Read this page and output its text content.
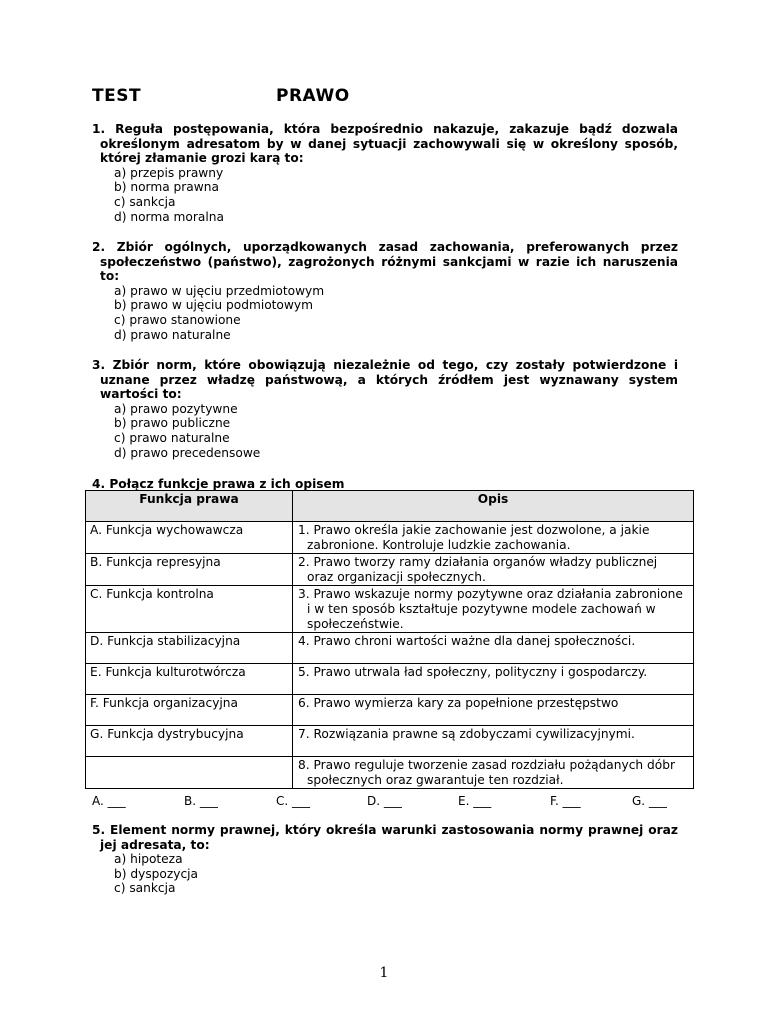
TEST	PRAWO
1. Reguła postępowania, która bezpośrednio nakazuje, zakazuje bądź dozwala określonym adresatom by w danej sytuacji zachowywali się w określony sposób, której złamanie grozi karą to:
a) przepis prawny
b) norma prawna
c) sankcja
d) norma moralna
2. Zbiór ogólnych, uporządkowanych zasad zachowania, preferowanych przez społeczeństwo (państwo), zagrożonych różnymi sankcjami w razie ich naruszenia to:
a) prawo w ujęciu przedmiotowym
b) prawo w ujęciu podmiotowym
c) prawo stanowione
d) prawo naturalne
3. Zbiór norm, które obowiązują niezależnie od tego, czy zostały potwierdzone i uznane przez władzę państwową, a których źródłem jest wyznawany system wartości to:
a) prawo pozytywne
b) prawo publiczne
c) prawo naturalne
d) prawo precedensowe
4. Połącz funkcje prawa z ich opisem
Funkcja prawa	Opis
A. Funkcja wychowawcza	1. Prawo określa jakie zachowanie jest dozwolone, a jakie zabronione. Kontroluje ludzkie zachowania.
B. Funkcja represyjna	2. Prawo tworzy ramy działania organów władzy publicznej oraz organizacji społecznych.
C. Funkcja kontrolna	3. Prawo wskazuje normy pozytywne oraz działania zabronione i w ten sposób kształtuje pozytywne modele zachowań w społeczeństwie.
D. Funkcja stabilizacyjna	4. Prawo chroni wartości ważne dla danej społeczności.
E. Funkcja kulturotwórcza	5. Prawo utrwala ład społeczny, polityczny i gospodarczy.
F. Funkcja organizacyjna	6. Prawo wymierza kary za popełnione przestępstwo
G. Funkcja dystrybucyjna	7. Rozwiązania prawne są zdobyczami cywilizacyjnymi.
	8. Prawo reguluje tworzenie zasad rozdziału pożądanych dóbr społecznych oraz gwarantuje ten rozdział.
A. ___	B. ___	C. ___	D. ___	E. ___	F. ___	G. ___
5. Element normy prawnej, który określa warunki zastosowania normy prawnej oraz jej adresata, to:
a) hipoteza
b) dyspozycja
c) sankcja
1
